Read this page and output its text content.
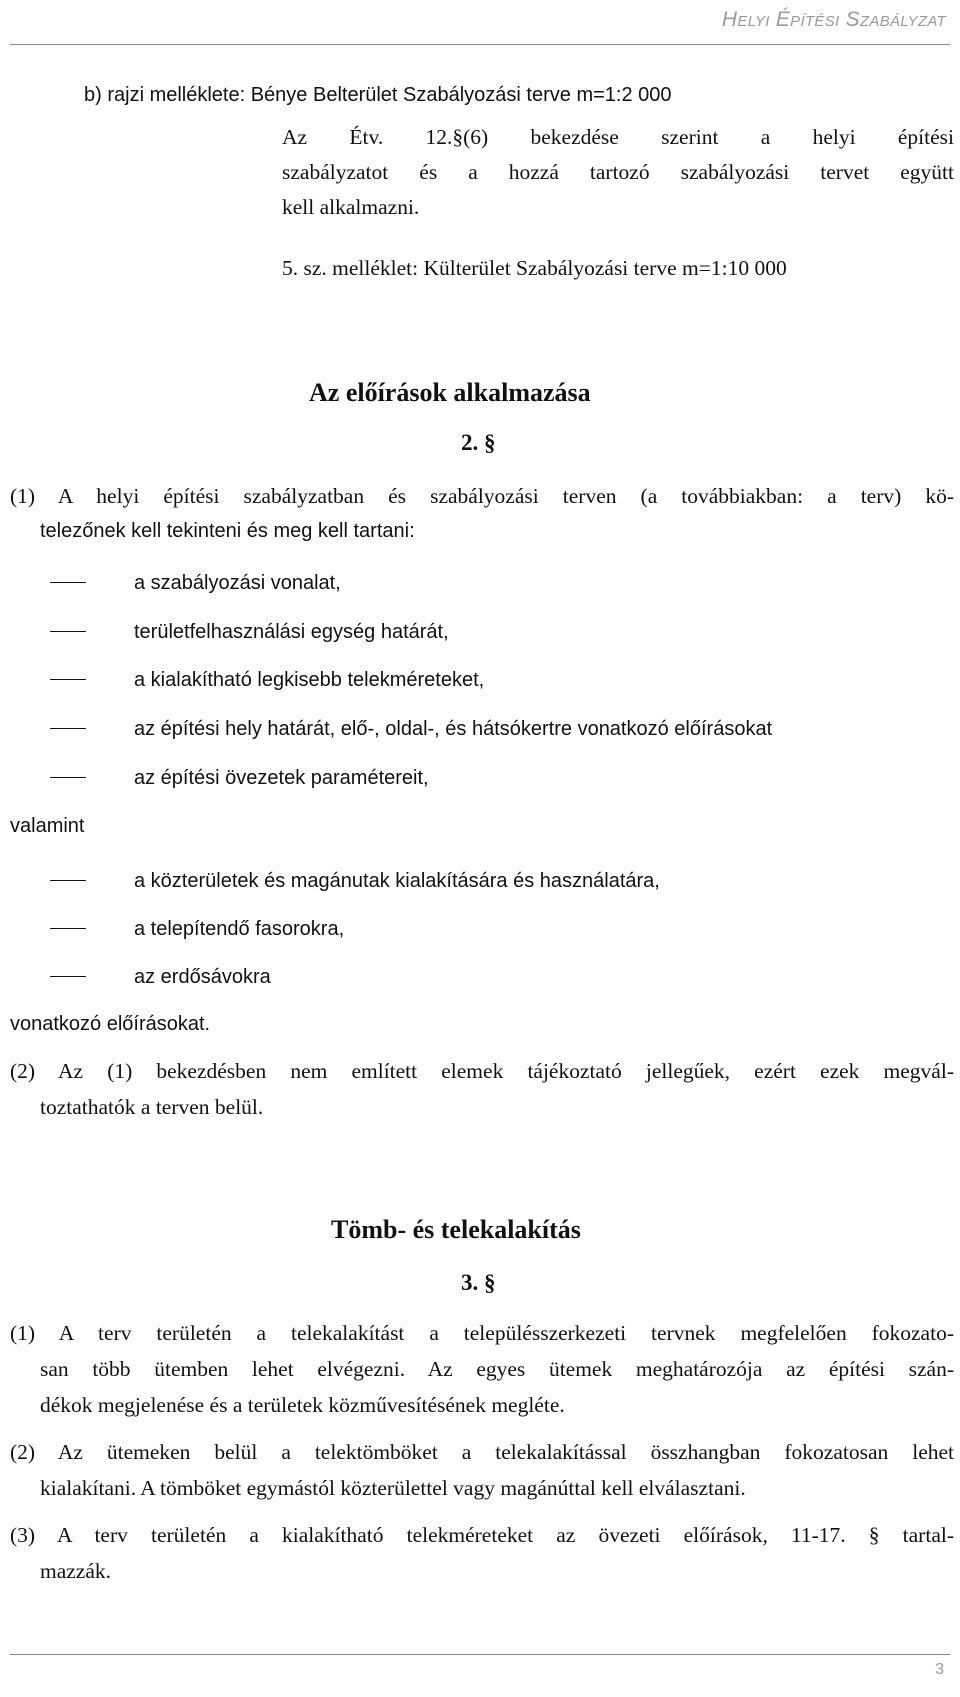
Helyi Építési Szabályzat
b) rajzi melléklete: Bénye Belterület Szabályozási terve m=1:2 000
Az Étv. 12.§(6) bekezdése szerint a helyi építési
szabályzatot és a hozzá tartozó szabályozási tervet együtt
kell alkalmazni.
5. sz. melléklet: Külterület Szabályozási terve m=1:10 000
Az előírások alkalmazása
2. §
(1) A helyi építési szabályzatban és szabályozási terven (a továbbiakban: a terv) kö-
telezőnek kell tekinteni és meg kell tartani:
a szabályozási vonalat,
területfelhasználási egység határát,
a kialakítható legkisebb telekméreteket,
az építési hely határát, elő-, oldal-, és hátsókertre vonatkozó előírásokat
az építési övezetek paramétereit,
valamint
a közterületek és magánutak kialakítására és használatára,
a telepítendő fasorokra,
az erdősávokra
vonatkozó előírásokat.
(2) Az (1) bekezdésben nem említett elemek tájékoztató jellegűek, ezért ezek megvál-
toztathatók a terven belül.
Tömb- és telekalakítás
3. §
(1) A terv területén a telekalakítást a településszerkezeti tervnek megfelelően fokozato-
san több ütemben lehet elvégezni. Az egyes ütemek meghatározója az építési szán-
dékok megjelenése és a területek közművesítésének megléte.
(2) Az ütemeken belül a telektömböket a telekalakítással összhangban fokozatosan lehet
kialakítani. A tömböket egymástól közterülettel vagy magánúttal kell elválasztani.
(3) A terv területén a kialakítható telekméreteket az övezeti előírások, 11-17. § tartal-
mazzák.
3
